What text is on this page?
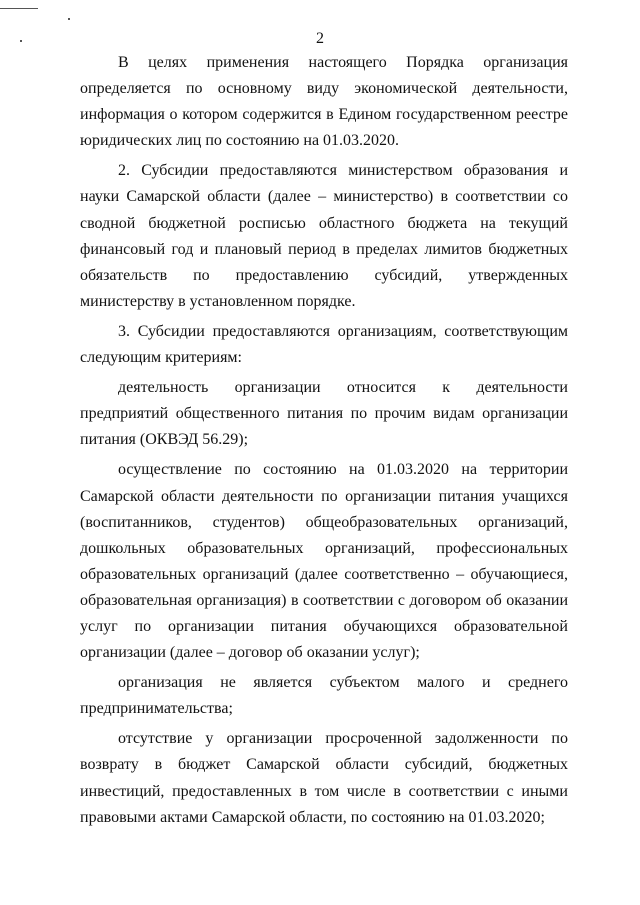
2

В целях применения настоящего Порядка организация определяется по основному виду экономической деятельности, информация о котором содержится в Едином государственном реестре юридических лиц по состоянию на 01.03.2020.

2. Субсидии предоставляются министерством образования и науки Самарской области (далее – министерство) в соответствии со сводной бюджетной росписью областного бюджета на текущий финансовый год и плановый период в пределах лимитов бюджетных обязательств по предоставлению субсидий, утвержденных министерству в установленном порядке.

3. Субсидии предоставляются организациям, соответствующим следующим критериям:

деятельность организации относится к деятельности предприятий общественного питания по прочим видам организации питания (ОКВЭД 56.29);

осуществление по состоянию на 01.03.2020 на территории Самарской области деятельности по организации питания учащихся (воспитанников, студентов) общеобразовательных организаций, дошкольных образовательных организаций, профессиональных образовательных организаций (далее соответственно – обучающиеся, образовательная организация) в соответствии с договором об оказании услуг по организации питания обучающихся образовательной организации (далее – договор об оказании услуг);

организация не является субъектом малого и среднего предпринимательства;

отсутствие у организации просроченной задолженности по возврату в бюджет Самарской области субсидий, бюджетных инвестиций, предоставленных в том числе в соответствии с иными правовыми актами Самарской области, по состоянию на 01.03.2020;
